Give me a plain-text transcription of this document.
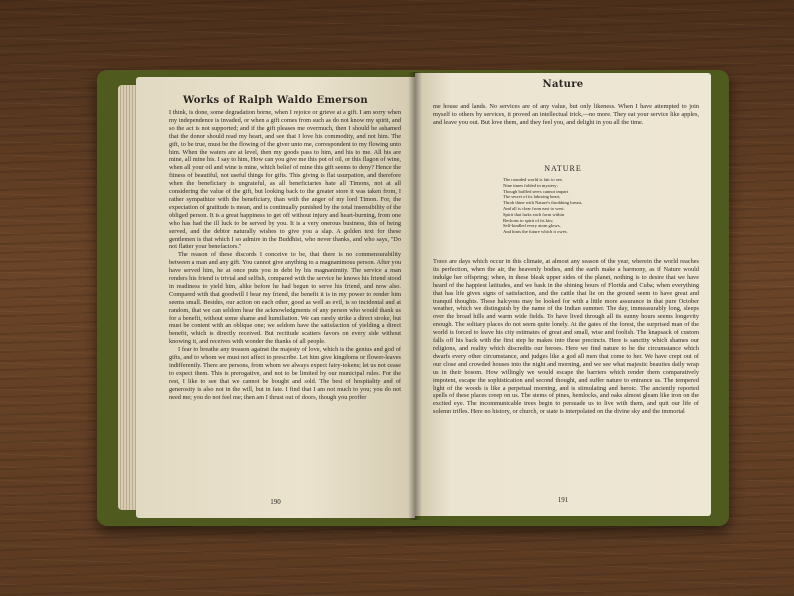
Works of Ralph Waldo Emerson

I think, is done, some degradation borne, when I rejoice or grieve at a gift. I am sorry when my independence is invaded, or when a gift comes from such as do not know my spirit, and so the act is not supported; and if the gift pleases me overmuch, then I should be ashamed that the donor should read my heart, and see that I love his commodity, and not him. The gift, to be true, must be the flowing of the giver unto me, correspondent to my flowing unto him. When the waters are at level, then my goods pass to him, and his to me. All his are mine, all mine his. I say to him, How can you give me this pot of oil, or this flagon of wine, when all your oil and wine is mine, which belief of mine this gift seems to deny? Hence the fitness of beautiful, not useful things for gifts. This giving is flat usurpation, and therefore when the beneficiary is ungrateful, as all beneficiaries hate all Timons, not at all considering the value of the gift, but looking back to the greater store it was taken from, I rather sympathize with the beneficiary, than with the anger of my lord Timon. For, the expectation of gratitude is mean, and is continually punished by the total insensibility of the obliged person. It is a great happiness to get off without injury and heart-burning, from one who has had the ill luck to be served by you. It is a very onerous business, this of being served, and the debtor naturally wishes to give you a slap. A golden text for these gentlemen is that which I so admire in the Buddhist, who never thanks, and who says, "Do not flatter your benefactors."

The reason of these discords I conceive to be, that there is no commensurability between a man and any gift. You cannot give anything to a magnanimous person. After you have served him, he at once puts you in debt by his magnanimity. The service a man renders his friend is trivial and selfish, compared with the service he knows his friend stood in readiness to yield him, alike before he had begun to serve his friend, and now also. Compared with that goodwill I bear my friend, the benefit it is in my power to render him seems small. Besides, our action on each other, good as well as evil, is so incidental and at random, that we can seldom hear the acknowledgments of any person who would thank us for a benefit, without some shame and humiliation. We can rarely strike a direct stroke, but must be content with an oblique one; we seldom have the satisfaction of yielding a direct benefit, which is directly received. But rectitude scatters favors on every side without knowing it, and receives with wonder the thanks of all people.

I fear to breathe any treason against the majesty of love, which is the genius and god of gifts, and to whom we must not affect to prescribe. Let him give kingdoms or flower-leaves indifferently. There are persons, from whom we always expect fairy-tokens; let us not cease to expect them. This is prerogative, and not to be limited by our municipal rules. For the rest, I like to see that we cannot be bought and sold. The best of hospitality and of generosity is also not in the will, but in fate. I find that I am not much to you; you do not need me; you do not feel me; then am I thrust out of doors, though you proffer

190
Nature

me house and lands. No services are of any value, but only likeness. When I have attempted to join myself to others by services, it proved an intellectual trick,—no more. They eat your service like apples, and leave you out. But love them, and they feel you, and delight in you all the time.

NATURE
The rounded world is fair to see,
Nine times folded in mystery;
Though baffled seers cannot impart
The secret of its laboring heart,
Throb thine with Nature's throbbing breast,
And all is clear from east to west.
Spirit that lurks each form within
Beckons to spirit of its kin;
Self-kindled every atom glows,
And hints the future which it owes.

There are days which occur in this climate, at almost any season of the year, wherein the world reaches its perfection, when the air, the heavenly bodies, and the earth make a harmony, as if Nature would indulge her offspring; when, in these bleak upper sides of the planet, nothing is to desire that we have heard of the happiest latitudes, and we bask in the shining hours of Florida and Cuba; when everything that has life gives signs of satisfaction, and the cattle that lie on the ground seem to have great and tranquil thoughts. These halcyons may be looked for with a little more assurance in that pure October weather, which we distinguish by the name of the Indian summer. The day, immeasurably long, sleeps over the broad hills and warm wide fields. To have lived through all its sunny hours seems longevity enough. The solitary places do not seem quite lonely. At the gates of the forest, the surprised man of the world is forced to leave his city estimates of great and small, wise and foolish. The knapsack of custom falls off his back with the first step he makes into these precincts. Here is sanctity which shames our religions, and reality which discredits our heroes. Here we find nature to be the circumstance which dwarfs every other circumstance, and judges like a god all men that come to her. We have crept out of our close and crowded houses into the night and morning, and we see what majestic beauties daily wrap us in their bosom. How willingly we would escape the barriers which render them comparatively impotent, escape the sophistication and second thought, and suffer nature to entrance us. The tempered light of the woods is like a perpetual morning, and is stimulating and heroic. The anciently reported spells of these places creep on us. The stems of pines, hemlocks, and oaks almost gleam like iron on the excited eye. The incommunicable trees begin to persuade us to live with them, and quit our life of solemn trifles. Here no history, or church, or state is interpolated on the divine sky and the immortal

191
